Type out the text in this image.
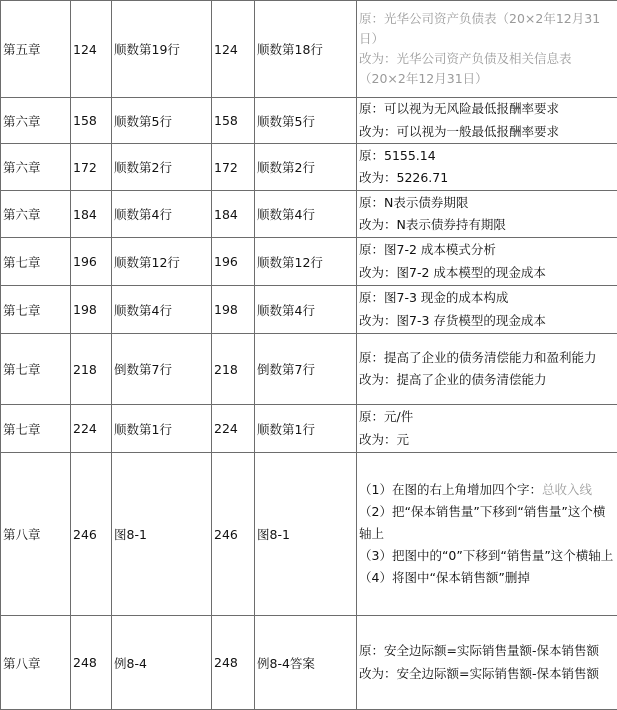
第五章	124	顺数第19行	124	顺数第18行	原：光华公司资产负债表（20×2年12月31日）
改为：光华公司资产负债及相关信息表（20×2年12月31日）

第六章	158	顺数第5行	158	顺数第5行	原：可以视为无风险最低报酬率要求
改为：可以视为一般最低报酬率要求

第六章	172	顺数第2行	172	顺数第2行	原：5155.14
改为：5226.71

第六章	184	顺数第4行	184	顺数第4行	原：N表示债券期限
改为：N表示债券持有期限

第七章	196	顺数第12行	196	顺数第12行	原：图7-2 成本模式分析
改为：图7-2 成本模型的现金成本

第七章	198	顺数第4行	198	顺数第4行	原：图7-3 现金的成本构成
改为：图7-3 存货模型的现金成本

第七章	218	倒数第7行	218	倒数第7行	原：提高了企业的债务清偿能力和盈利能力
改为：提高了企业的债务清偿能力

第七章	224	顺数第1行	224	顺数第1行	原：元/件
改为：元

第八章	246	图8-1	246	图8-1	（1）在图的右上角增加四个字：总收入线
（2）把“保本销售量”下移到“销售量”这个横轴上
（3）把图中的“0”下移到“销售量”这个横轴上
（4）将图中“保本销售额”删掉

第八章	248	例8-4	248	例8-4答案	原：安全边际额=实际销售量额-保本销售额
改为：安全边际额=实际销售额-保本销售额
